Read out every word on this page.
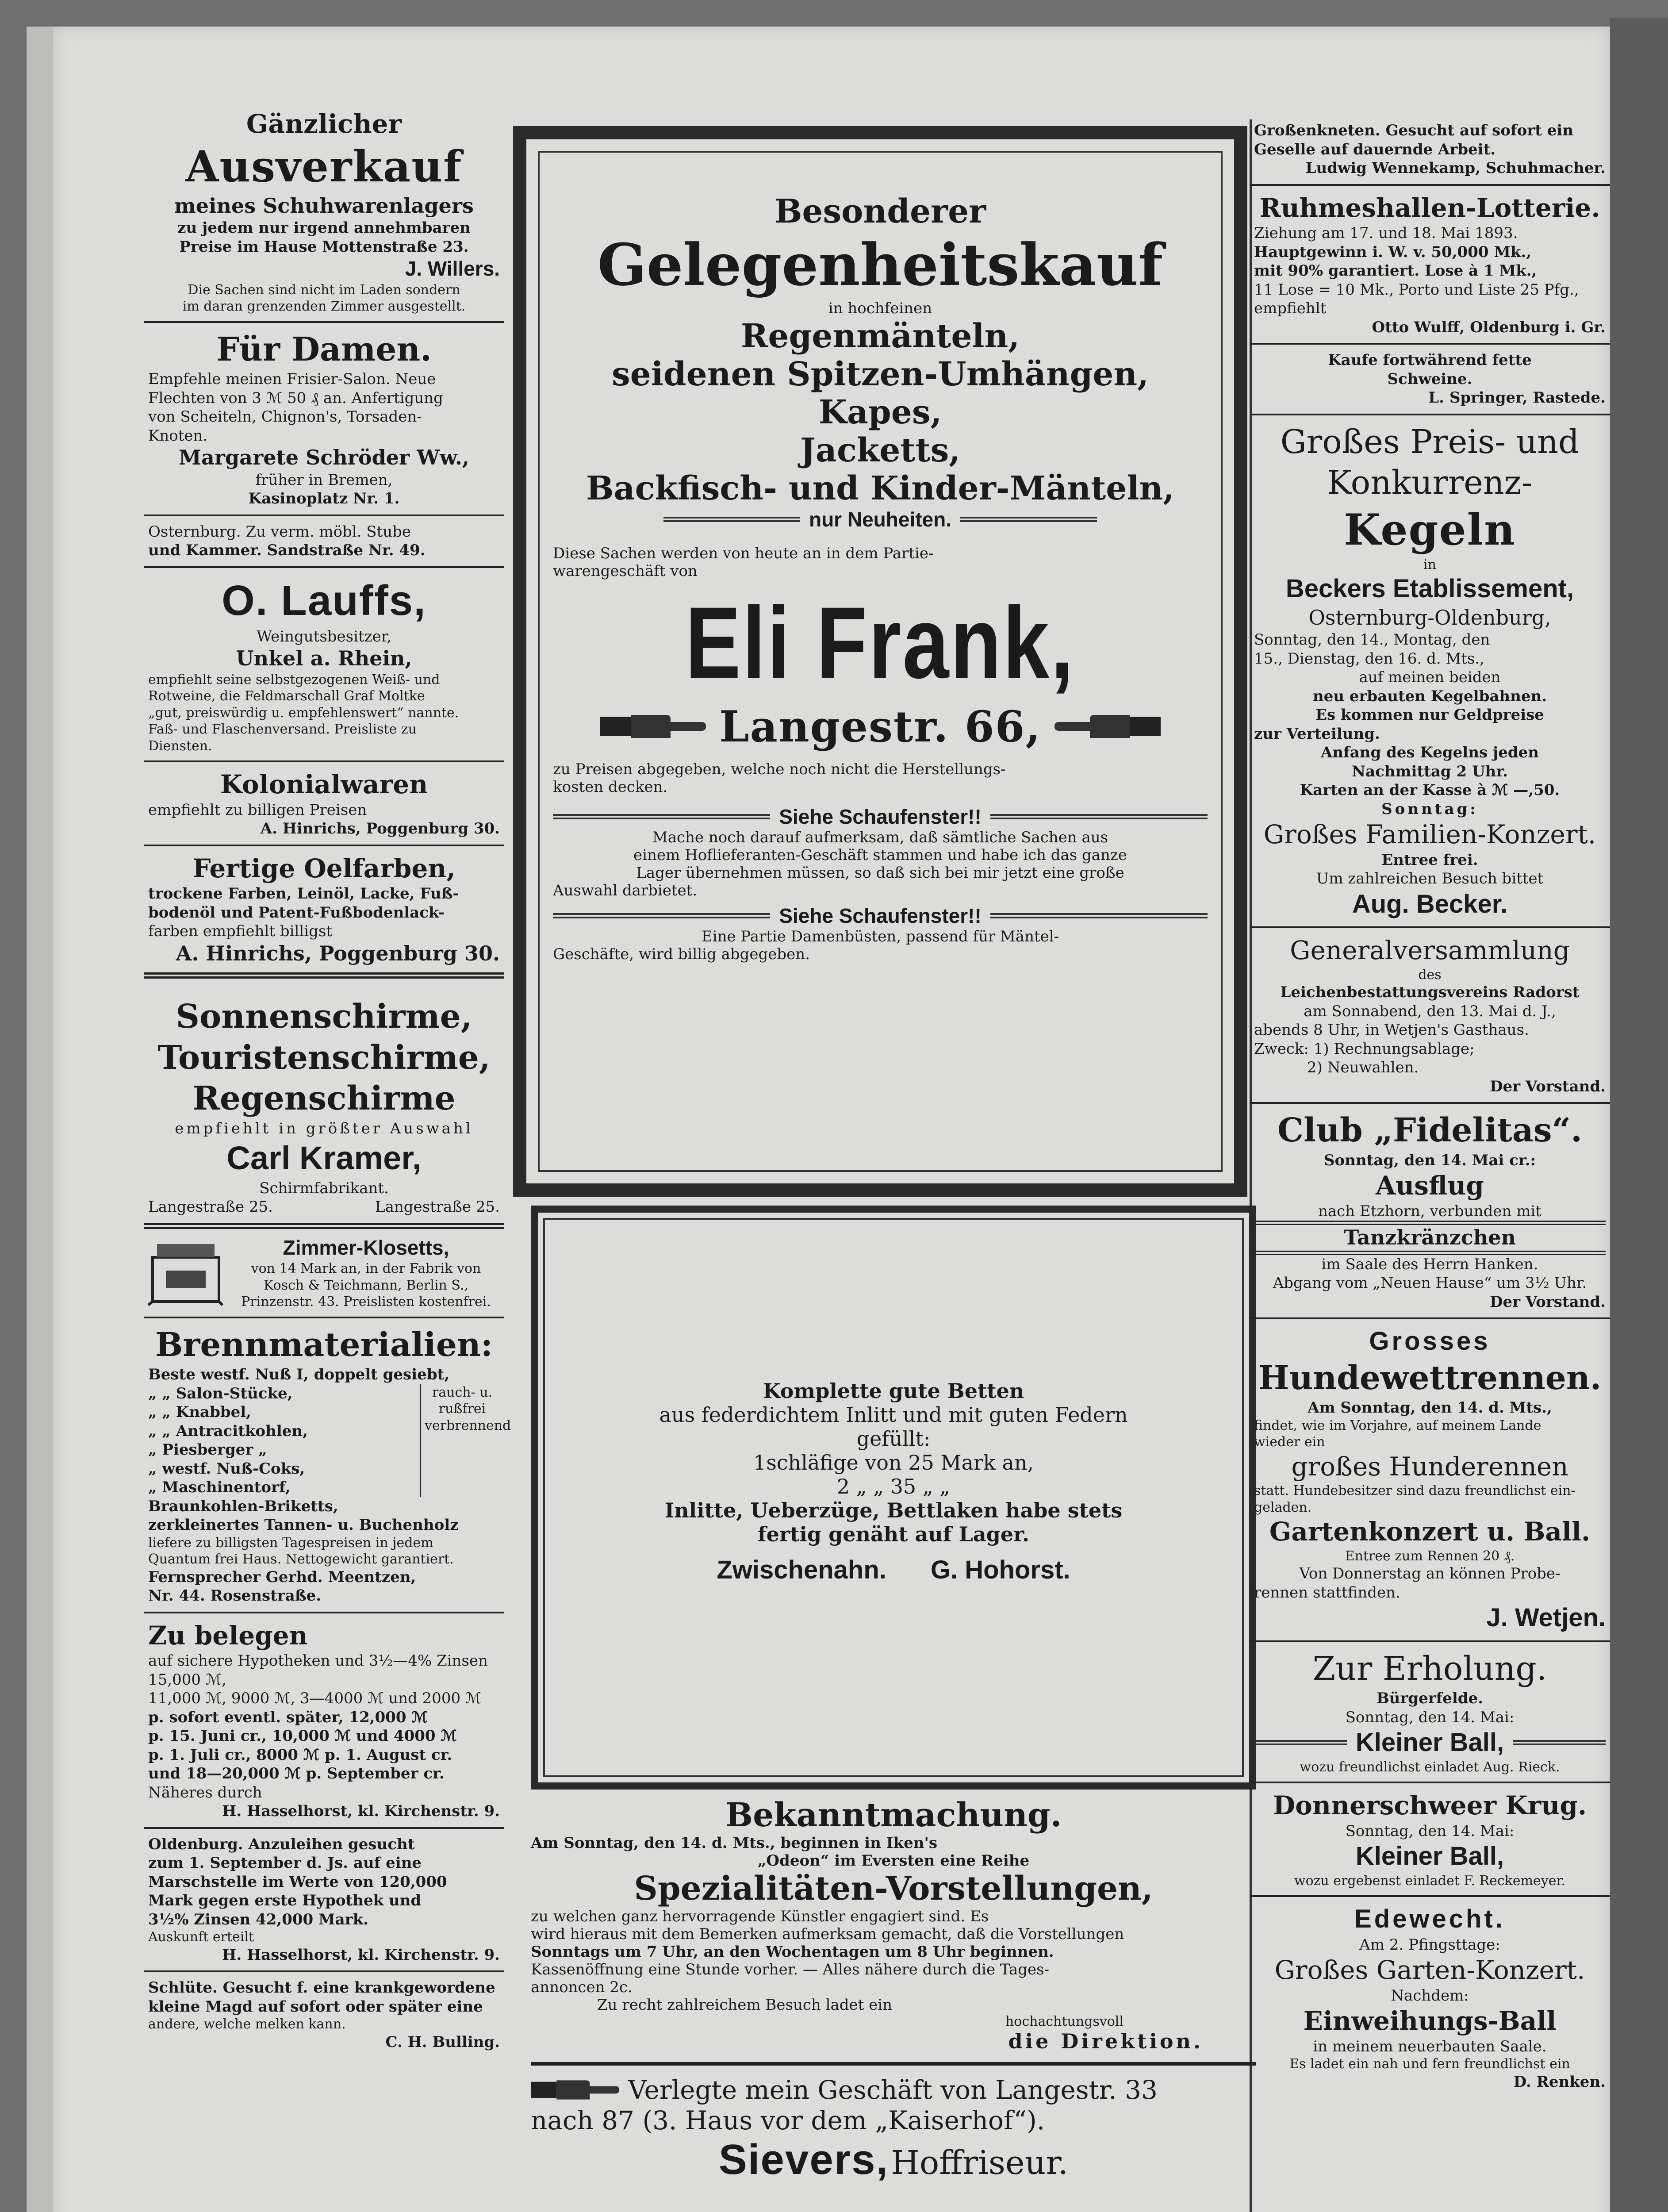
Gänzlicher
Ausverkauf
meines Schuhwarenlagers
zu jedem nur irgend annehmbaren
Preise im Hause Mottenstraße 23.
J. Willers.
Die Sachen sind nicht im Laden sondern
im daran grenzenden Zimmer ausgestellt.
Für Damen.
Empfehle meinen Frisier-Salon. Neue
Flechten von 3 ℳ 50 ₰ an. Anfertigung
von Scheiteln, Chignon's, Torsaden-
Knoten.
Margarete Schröder Ww.,
früher in Bremen,
Kasinoplatz Nr. 1.
Osternburg. Zu verm. möbl. Stube
und Kammer. Sandstraße Nr. 49.
O. Lauffs,
Weingutsbesitzer,
Unkel a. Rhein,
empfiehlt seine selbstgezogenen Weiß- und
Rotweine, die Feldmarschall Graf Moltke
„gut, preiswürdig u. empfehlenswert“ nannte.
Faß- und Flaschenversand. Preisliste zu
Diensten.
Kolonialwaren
empfiehlt zu billigen Preisen
A. Hinrichs, Poggenburg 30.
Fertige Oelfarben,
trockene Farben, Leinöl, Lacke, Fuß-
bodenöl und Patent-Fußbodenlack-
farben empfiehlt billigst
A. Hinrichs, Poggenburg 30.
Sonnenschirme,
Touristenschirme,
Regenschirme
empfiehlt in größter Auswahl
Carl Kramer,
Schirmfabrikant.
Langestraße 25.	Langestraße 25.
Zimmer-Klosetts,
von 14 Mark an, in der Fabrik von
Kosch & Teichmann, Berlin S.,
Prinzenstr. 43. Preislisten kostenfrei.
Brennmaterialien:
Beste westf. Nuß I, doppelt gesiebt,
„ „ Salon-Stücke,
„ „ Knabbel,
„ „ Antracitkohlen,
„ Piesberger „
„ westf. Nuß-Coks,
„ Maschinentorf,
rauch- u. rußfrei verbrennend
Braunkohlen-Briketts,
zerkleinertes Tannen- u. Buchenholz
liefere zu billigsten Tagespreisen in jedem
Quantum frei Haus. Nettogewicht garantiert.
Fernsprecher Gerhd. Meentzen,
Nr. 44. Rosenstraße.
Zu belegen
auf sichere Hypotheken und 3½—4% Zinsen 15,000 ℳ,
11,000 ℳ, 9000 ℳ, 3—4000 ℳ und 2000 ℳ
p. sofort eventl. später, 12,000 ℳ
p. 15. Juni cr., 10,000 ℳ und 4000 ℳ
p. 1. Juli cr., 8000 ℳ p. 1. August cr.
und 18—20,000 ℳ p. September cr.
Näheres durch
H. Hasselhorst, kl. Kirchenstr. 9.
Oldenburg. Anzuleihen gesucht
zum 1. September d. Js. auf eine
Marschstelle im Werte von 120,000
Mark gegen erste Hypothek und
3½% Zinsen 42,000 Mark.
Auskunft erteilt
H. Hasselhorst, kl. Kirchenstr. 9.
Schlüte. Gesucht f. eine krankgewordene
kleine Magd auf sofort oder später eine
andere, welche melken kann.
C. H. Bulling.
Besonderer
Gelegenheitskauf
in hochfeinen
Regenmänteln,
seidenen Spitzen-Umhängen, Kapes,
Jacketts,
Backfisch- und Kinder-Mänteln,
nur Neuheiten.
Diese Sachen werden von heute an in dem Partie-
warengeschäft von
Eli Frank,
Langestr. 66,
zu Preisen abgegeben, welche noch nicht die Herstellungs-
kosten decken.
Siehe Schaufenster!!
Mache noch darauf aufmerksam, daß sämtliche Sachen aus
einem Hoflieferanten-Geschäft stammen und habe ich das ganze
Lager übernehmen müssen, so daß sich bei mir jetzt eine große
Auswahl darbietet.
Siehe Schaufenster!!
Eine Partie Damenbüsten, passend für Mäntel-
Geschäfte, wird billig abgegeben.
Komplette gute Betten
aus federdichtem Inlitt und mit guten Federn
gefüllt:
1schläfige von 25 Mark an,
2 „ „ 35 „ „
Inlitte, Ueberzüge, Bettlaken habe stets
fertig genäht auf Lager.
Zwischenahn. G. Hohorst.
Bekanntmachung.
Am Sonntag, den 14. d. Mts., beginnen in Iken's
„Odeon“ im Eversten eine Reihe
Spezialitäten-Vorstellungen,
zu welchen ganz hervorragende Künstler engagiert sind. Es
wird hieraus mit dem Bemerken aufmerksam gemacht, daß die Vorstellungen
Sonntags um 7 Uhr, an den Wochentagen um 8 Uhr beginnen.
Kassenöffnung eine Stunde vorher. — Alles nähere durch die Tages-
annoncen 2c.
Zu recht zahlreichem Besuch ladet ein
hochachtungsvoll
die Direktion.
Verlegte mein Geschäft von Langestr. 33
nach 87 (3. Haus vor dem „Kaiserhof“).
Sievers, Hoffriseur.
Großenkneten. Gesucht auf sofort ein
Geselle auf dauernde Arbeit.
Ludwig Wennekamp, Schuhmacher.
Ruhmeshallen-Lotterie.
Ziehung am 17. und 18. Mai 1893.
Hauptgewinn i. W. v. 50,000 Mk.,
mit 90% garantiert. Lose à 1 Mk.,
11 Lose = 10 Mk., Porto und Liste 25 Pfg.,
empfiehlt
Otto Wulff, Oldenburg i. Gr.
Kaufe fortwährend fette
Schweine.
L. Springer, Rastede.
Großes Preis- und
Konkurrenz-
Kegeln
in
Beckers Etablissement,
Osternburg-Oldenburg,
Sonntag, den 14., Montag, den
15., Dienstag, den 16. d. Mts.,
auf meinen beiden
neu erbauten Kegelbahnen.
Es kommen nur Geldpreise
zur Verteilung.
Anfang des Kegelns jeden
Nachmittag 2 Uhr.
Karten an der Kasse à ℳ —,50.
Sonntag:
Großes Familien-Konzert.
Entree frei.
Um zahlreichen Besuch bittet
Aug. Becker.
Generalversammlung
des
Leichenbestattungsvereins Radorst
am Sonnabend, den 13. Mai d. J.,
abends 8 Uhr, in Wetjen's Gasthaus.
Zweck: 1) Rechnungsablage;
2) Neuwahlen.
Der Vorstand.
Club „Fidelitas“.
Sonntag, den 14. Mai cr.:
Ausflug
nach Etzhorn, verbunden mit
Tanzkränzchen
im Saale des Herrn Hanken.
Abgang vom „Neuen Hause“ um 3½ Uhr.
Der Vorstand.
Grosses
Hundewettrennen.
Am Sonntag, den 14. d. Mts.,
findet, wie im Vorjahre, auf meinem Lande
wieder ein
großes Hunderennen
statt. Hundebesitzer sind dazu freundlichst ein-
geladen.
Gartenkonzert u. Ball.
Entree zum Rennen 20 ₰.
Von Donnerstag an können Probe-
rennen stattfinden.
J. Wetjen.
Zur Erholung.
Bürgerfelde.
Sonntag, den 14. Mai:
Kleiner Ball,
wozu freundlichst einladet Aug. Rieck.
Donnerschweer Krug.
Sonntag, den 14. Mai:
Kleiner Ball,
wozu ergebenst einladet F. Reckemeyer.
Edewecht.
Am 2. Pfingsttage:
Großes Garten-Konzert.
Nachdem:
Einweihungs-Ball
in meinem neuerbauten Saale.
Es ladet ein nah und fern freundlichst ein
D. Renken.
